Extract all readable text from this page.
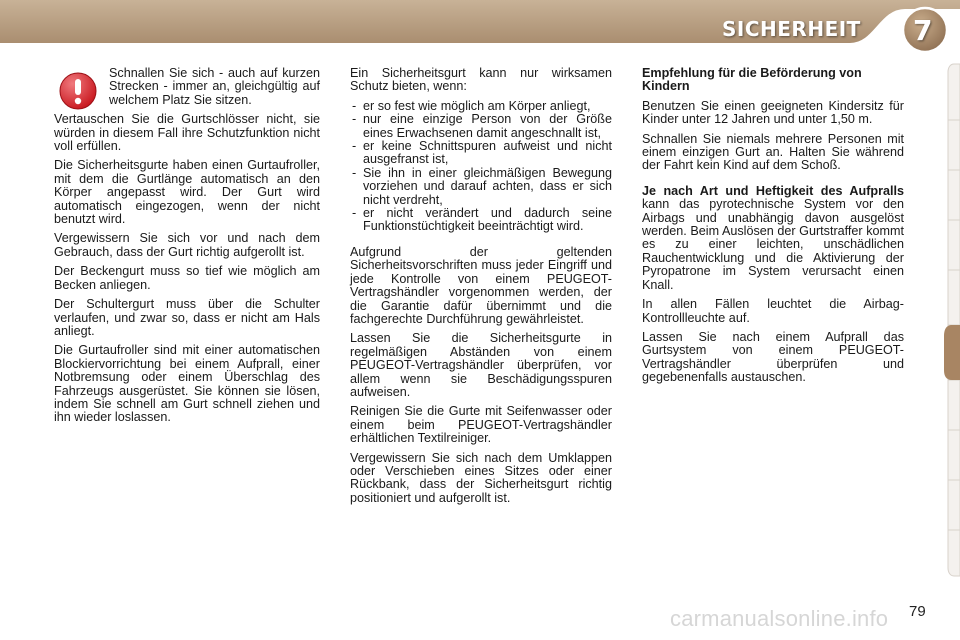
SICHERHEIT 7
Schnallen Sie sich - auch auf kurzen Strecken - immer an, gleichgültig auf welchem Platz Sie sitzen.

Vertauschen Sie die Gurtschlösser nicht, sie würden in diesem Fall ihre Schutzfunktion nicht voll erfüllen.

Die Sicherheitsgurte haben einen Gurtaufroller, mit dem die Gurtlänge automatisch an den Körper angepasst wird. Der Gurt wird automatisch eingezogen, wenn der nicht benutzt wird.

Vergewissern Sie sich vor und nach dem Gebrauch, dass der Gurt richtig aufgerollt ist.

Der Beckengurt muss so tief wie möglich am Becken anliegen.

Der Schultergurt muss über die Schulter verlaufen, und zwar so, dass er nicht am Hals anliegt.

Die Gurtaufroller sind mit einer automatischen Blockiervorrichtung bei einem Aufprall, einer Notbremsung oder einem Überschlag des Fahrzeugs ausgerüstet. Sie können sie lösen, indem Sie schnell am Gurt schnell ziehen und ihn wieder loslassen.

Ein Sicherheitsgurt kann nur wirksamen Schutz bieten, wenn:

- er so fest wie möglich am Körper anliegt,
- nur eine einzige Person von der Größe eines Erwachsenen damit angeschnallt ist,
- er keine Schnittspuren aufweist und nicht ausgefranst ist,
- Sie ihn in einer gleichmäßigen Bewegung vorziehen und darauf achten, dass er sich nicht verdreht,
- er nicht verändert und dadurch seine Funktionstüchtigkeit beeinträchtigt wird.

Aufgrund der geltenden Sicherheitsvorschriften muss jeder Eingriff und jede Kontrolle von einem PEUGEOT-Vertragshändler vorgenommen werden, der die Garantie dafür übernimmt und die fachgerechte Durchführung gewährleistet.

Lassen Sie die Sicherheitsgurte in regelmäßigen Abständen von einem PEUGEOT-Vertragshändler überprüfen, vor allem wenn sie Beschädigungsspuren aufweisen.

Reinigen Sie die Gurte mit Seifenwasser oder einem beim PEUGEOT-Vertragshändler erhältlichen Textilreiniger.

Vergewissern Sie sich nach dem Umklappen oder Verschieben eines Sitzes oder einer Rückbank, dass der Sicherheitsgurt richtig positioniert und aufgerollt ist.

Empfehlung für die Beförderung von Kindern

Benutzen Sie einen geeigneten Kindersitz für Kinder unter 12 Jahren und unter 1,50 m.

Schnallen Sie niemals mehrere Personen mit einem einzigen Gurt an. Halten Sie während der Fahrt kein Kind auf dem Schoß.

Je nach Art und Heftigkeit des Aufpralls kann das pyrotechnische System vor den Airbags und unabhängig davon ausgelöst werden. Beim Auslösen der Gurtstraffer kommt es zu einer leichten, unschädlichen Rauchentwicklung und die Aktivierung der Pyropatrone im System verursacht einen Knall.

In allen Fällen leuchtet die Airbag-Kontrollleuchte auf.

Lassen Sie nach einem Aufprall das Gurtsystem von einem PEUGEOT-Vertragshändler überprüfen und gegebenenfalls austauschen.

carmanualsonline.info 79
